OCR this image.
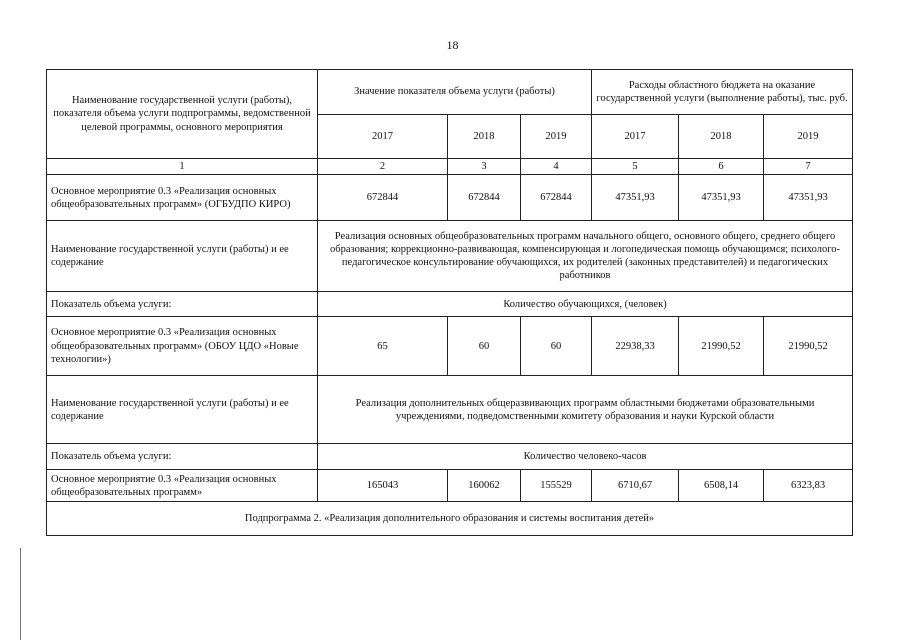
18
Наименование государственной услуги (работы), показателя объема услуги подпрограммы, ведомственной целевой программы, основного мероприятия	Значение показателя объема услуги (работы)			Расходы областного бюджета на оказание государственной услуги (выполнение работы), тыс. руб.		
	2017	2018	2019	2017	2018	2019
1	2	3	4	5	6	7
Основное мероприятие 0.3 «Реализация основных общеобразовательных программ» (ОГБУДПО КИРО)	672844	672844	672844	47351,93	47351,93	47351,93
Наименование государственной услуги (работы) и ее содержание	Реализация основных общеобразовательных программ начального общего, основного общего, среднего общего образования; коррекционно-развивающая, компенсирующая и логопедическая помощь обучающимся; психолого-педагогическое консультирование обучающихся, их родителей (законных представителей) и педагогических работников					
Показатель объема услуги:	Количество обучающихся, (человек)					
Основное мероприятие 0.3 «Реализация основных общеобразовательных программ» (ОБОУ ЦДО «Новые технологии»)	65	60	60	22938,33	21990,52	21990,52
Наименование государственной услуги (работы) и ее содержание	Реализация дополнительных общеразвивающих программ областными бюджетами образовательными учреждениями, подведомственными комитету образования и науки Курской области					
Показатель объема услуги:	Количество человеко-часов					
Основное мероприятие 0.3 «Реализация основных общеобразовательных программ»	165043	160062	155529	6710,67	6508,14	6323,83
Подпрограмма 2. «Реализация дополнительного образования и системы воспитания детей»						
